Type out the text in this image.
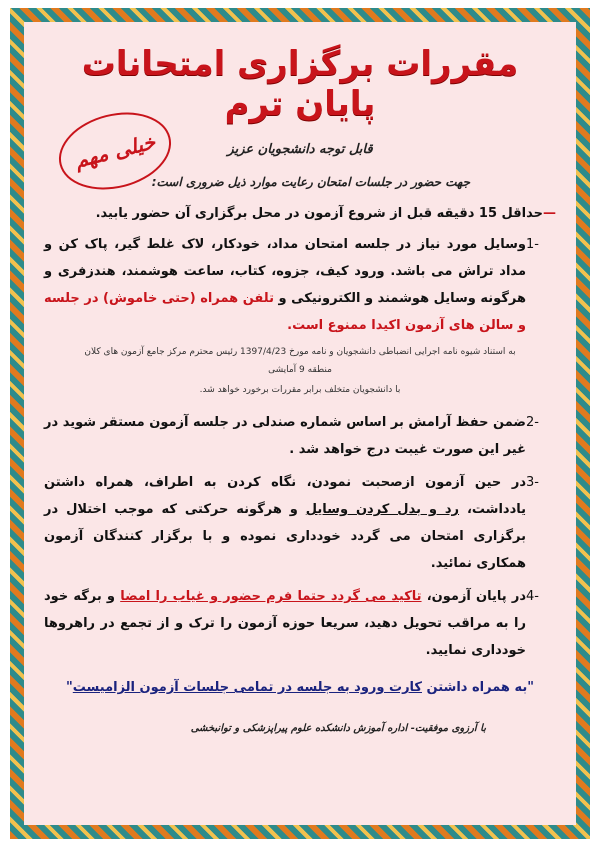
مقررات برگزاری امتحانات پایان ترم
قابل توجه دانشجویان عزیز
جهت حضور در جلسات امتحان رعایت موارد ذیل ضروری است:
خیلی مهم
—حداقل 15 دقیقه قبل از شروع آزمون در محل برگزاری آن حضور یابید.
1-
وسایل مورد نیاز در جلسه امتحان مداد، خودکار، لاک غلط گیر، پاک کن و مداد تراش می باشد. ورود کیف، جزوه، کتاب، ساعت هوشمند، هندزفری و هرگونه وسایل هوشمند و الکترونیکی و تلفن همراه (حتی خاموش) در جلسه و سالن های آزمون اکیدا ممنوع است.
به استناد شیوه نامه اجرایی انضباطی دانشجویان و نامه مورخ 1397/4/23 رئیس محترم مرکز جامع آزمون های کلان منطقه 9 آمایشی
با دانشجویان متخلف برابر مقررات برخورد خواهد شد.
2-
ضمن حفظ آرامش بر اساس شماره صندلی در جلسه آزمون مستقر شوید در غیر این صورت غیبت درج خواهد شد .
3-
در حین آزمون ازصحبت نمودن، نگاه کردن به اطراف، همراه داشتن یادداشت، رد و بدل کردن وسایل و هرگونه حرکتی که موجب اختلال در برگزاری امتحان می گردد خودداری نموده و با برگزار کنندگان آزمون همکاری نمائید.
4-
در پایان آزمون، تاکید می گردد حتما فرم حضور و غیاب را امضا و برگه خود را به مراقب تحویل دهید، سریعا حوزه آزمون را ترک و از تجمع در راهروها خودداری نمایید.
"به همراه داشتن کارت ورود به جلسه در تمامی جلسات آزمون الزامیست"
با آرزوی موفقیت- اداره آموزش دانشکده علوم پیراپزشکی و توانبخشی
